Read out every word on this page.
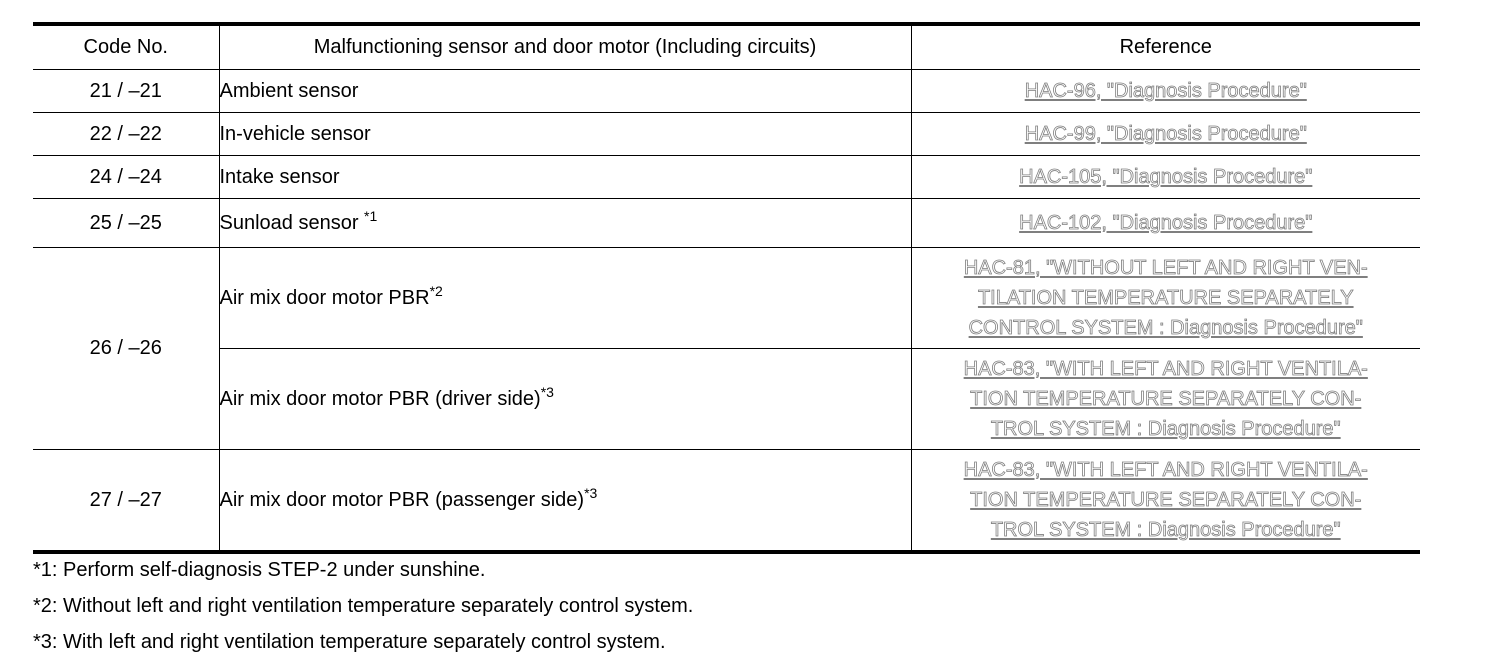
Code No.	Malfunctioning sensor and door motor (Including circuits)	Reference
21 / –21	Ambient sensor	HAC-96, "Diagnosis Procedure"
22 / –22	In-vehicle sensor	HAC-99, "Diagnosis Procedure"
24 / –24	Intake sensor	HAC-105, "Diagnosis Procedure"
25 / –25	Sunload sensor $^{*1}$	HAC-102, "Diagnosis Procedure"
26 / –26	Air mix door motor PBR$^{*2}$	HAC-81, "WITHOUT LEFT AND RIGHT VEN-
TILATION TEMPERATURE SEPARATELY
CONTROL SYSTEM : Diagnosis Procedure"
	Air mix door motor PBR (driver side)$^{*3}$	HAC-83, "WITH LEFT AND RIGHT VENTILA-
TION TEMPERATURE SEPARATELY CON-
TROL SYSTEM : Diagnosis Procedure"
27 / –27	Air mix door motor PBR (passenger side)$^{*3}$	HAC-83, "WITH LEFT AND RIGHT VENTILA-
TION TEMPERATURE SEPARATELY CON-
TROL SYSTEM : Diagnosis Procedure"

*1: Perform self-diagnosis STEP-2 under sunshine.

*2: Without left and right ventilation temperature separately control system.

*3: With left and right ventilation temperature separately control system.
